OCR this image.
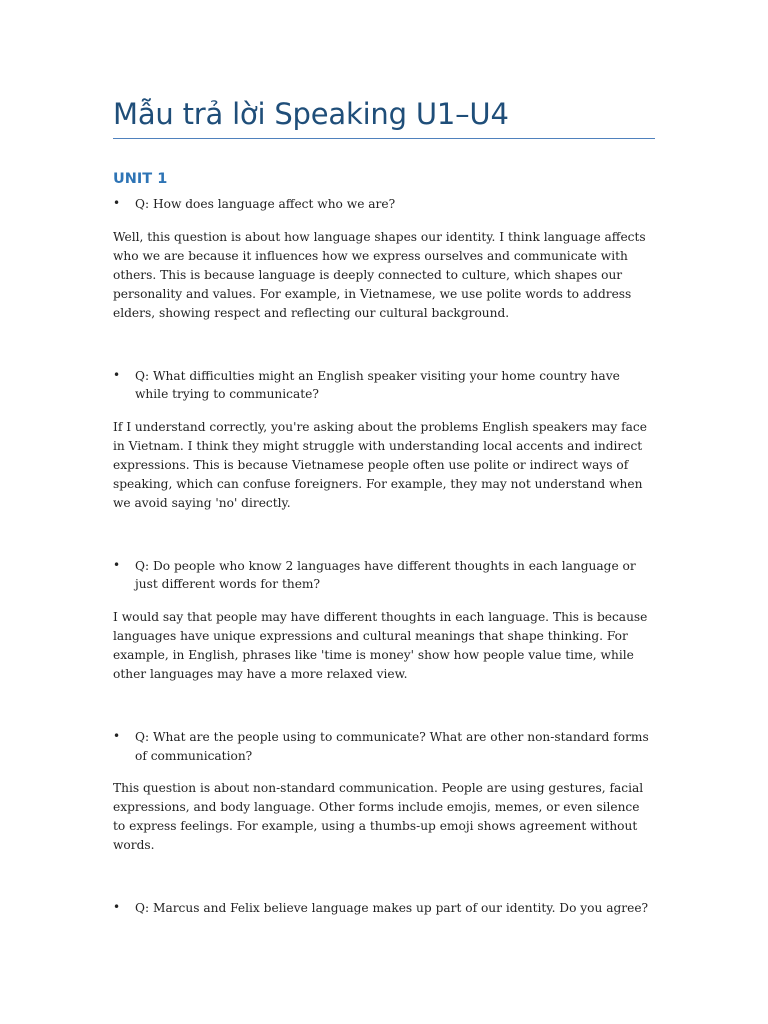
Mẫu trả lời Speaking U1–U4
UNIT 1

• Q: How does language affect who we are?

Well, this question is about how language shapes our identity. I think language affects who we are because it influences how we express ourselves and communicate with others. This is because language is deeply connected to culture, which shapes our personality and values. For example, in Vietnamese, we use polite words to address elders, showing respect and reflecting our cultural background.

• Q: What difficulties might an English speaker visiting your home country have while trying to communicate?

If I understand correctly, you're asking about the problems English speakers may face in Vietnam. I think they might struggle with understanding local accents and indirect expressions. This is because Vietnamese people often use polite or indirect ways of speaking, which can confuse foreigners. For example, they may not understand when we avoid saying 'no' directly.

• Q: Do people who know 2 languages have different thoughts in each language or just different words for them?

I would say that people may have different thoughts in each language. This is because languages have unique expressions and cultural meanings that shape thinking. For example, in English, phrases like 'time is money' show how people value time, while other languages may have a more relaxed view.

• Q: What are the people using to communicate? What are other non-standard forms of communication?

This question is about non-standard communication. People are using gestures, facial expressions, and body language. Other forms include emojis, memes, or even silence to express feelings. For example, using a thumbs-up emoji shows agreement without words.

• Q: Marcus and Felix believe language makes up part of our identity. Do you agree?
